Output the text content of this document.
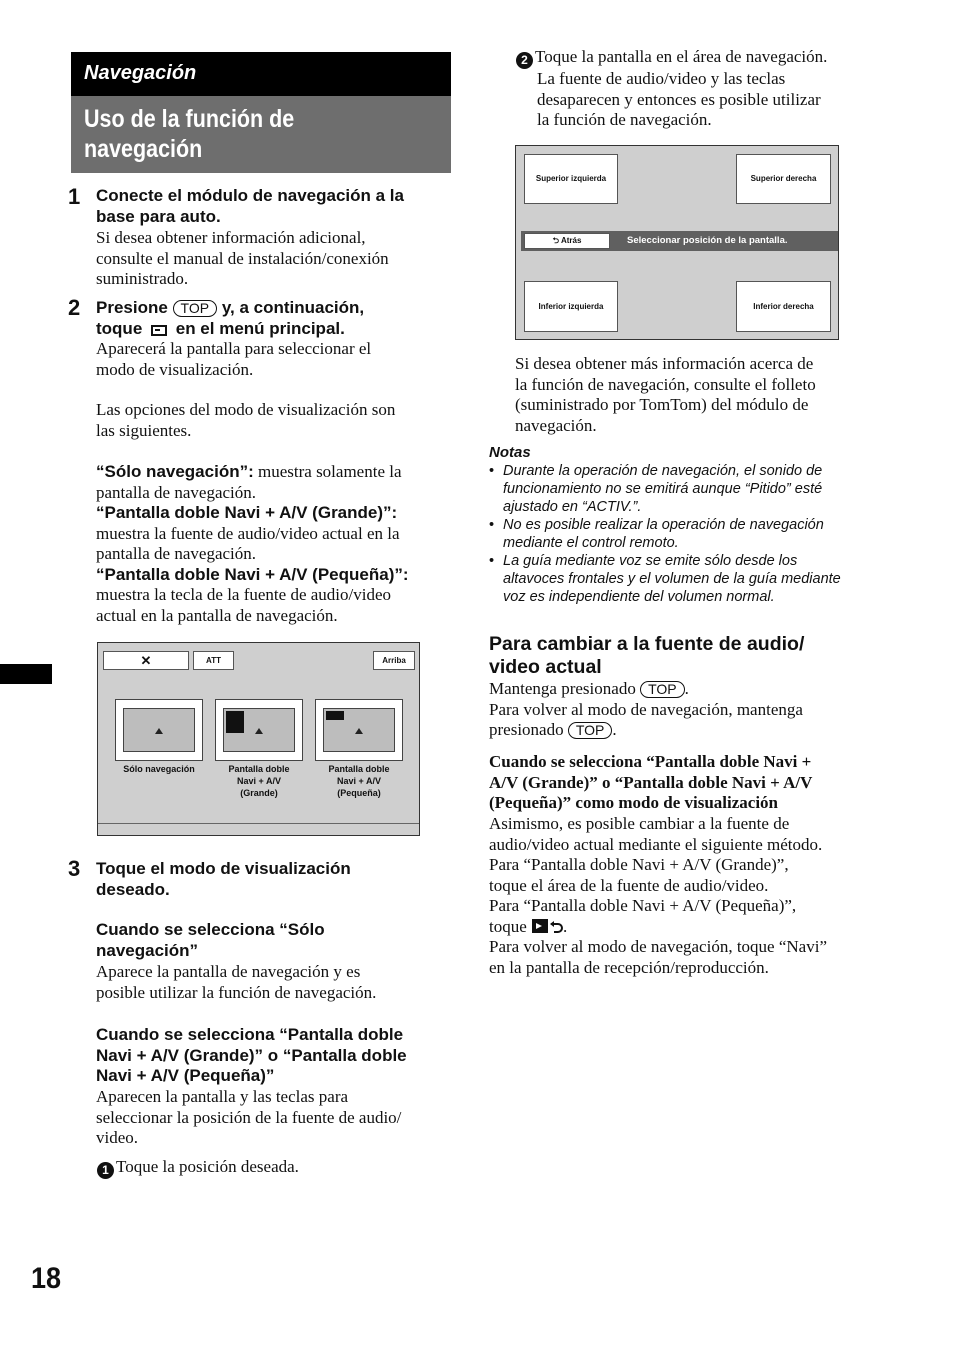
Navegación
Uso de la función de
navegación
1 Conecte el módulo de navegación a la
base para auto.
Si desea obtener información adicional,
consulte el manual de instalación/conexión
suministrado.
2 Presione TOP y, a continuación,
toque en el menú principal.
Aparecerá la pantalla para seleccionar el
modo de visualización.
Las opciones del modo de visualización son
las siguientes.
“Sólo navegación”: muestra solamente la
pantalla de navegación.
“Pantalla doble Navi + A/V (Grande)”:
muestra la fuente de audio/video actual en la
pantalla de navegación.
“Pantalla doble Navi + A/V (Pequeña)”:
muestra la tecla de la fuente de audio/video
actual en la pantalla de navegación.
✕	ATT	Arriba
Sólo navegación	Pantalla doble
Navi + A/V
(Grande)
Pantalla doble
Navi + A/V
(Pequeña)
3 Toque el modo de visualización
deseado.
Cuando se selecciona “Sólo
navegación”
Aparece la pantalla de navegación y es
posible utilizar la función de navegación.
Cuando se selecciona “Pantalla doble
Navi + A/V (Grande)” o “Pantalla doble
Navi + A/V (Pequeña)”
Aparecen la pantalla y las teclas para
seleccionar la posición de la fuente de audio/
video.
1 Toque la posición deseada.
2 Toque la pantalla en el área de navegación.
La fuente de audio/video y las teclas
desaparecen y entonces es posible utilizar
la función de navegación.
Superior izquierda	Superior derecha
⮌ Atrás	Seleccionar posición de la pantalla.
Inferior izquierda	Inferior derecha
Si desea obtener más información acerca de
la función de navegación, consulte el folleto
(suministrado por TomTom) del módulo de
navegación.
Notas
• Durante la operación de navegación, el sonido de
funcionamiento no se emitirá aunque “Pitido” esté
ajustado en “ACTIV.”.
• No es posible realizar la operación de navegación
mediante el control remoto.
• La guía mediante voz se emite sólo desde los
altavoces frontales y el volumen de la guía mediante
voz es independiente del volumen normal.
Para cambiar a la fuente de audio/
video actual
Mantenga presionado TOP .
Para volver al modo de navegación, mantenga
presionado TOP .
Cuando se selecciona “Pantalla doble Navi +
A/V (Grande)” o “Pantalla doble Navi + A/V
(Pequeña)” como modo de visualización
Asimismo, es posible cambiar a la fuente de
audio/video actual mediante el siguiente método.
Para “Pantalla doble Navi + A/V (Grande)”,
toque el área de la fuente de audio/video.
Para “Pantalla doble Navi + A/V (Pequeña)”,
toque .
Para volver al modo de navegación, toque “Navi”
en la pantalla de recepción/reproducción.
18
